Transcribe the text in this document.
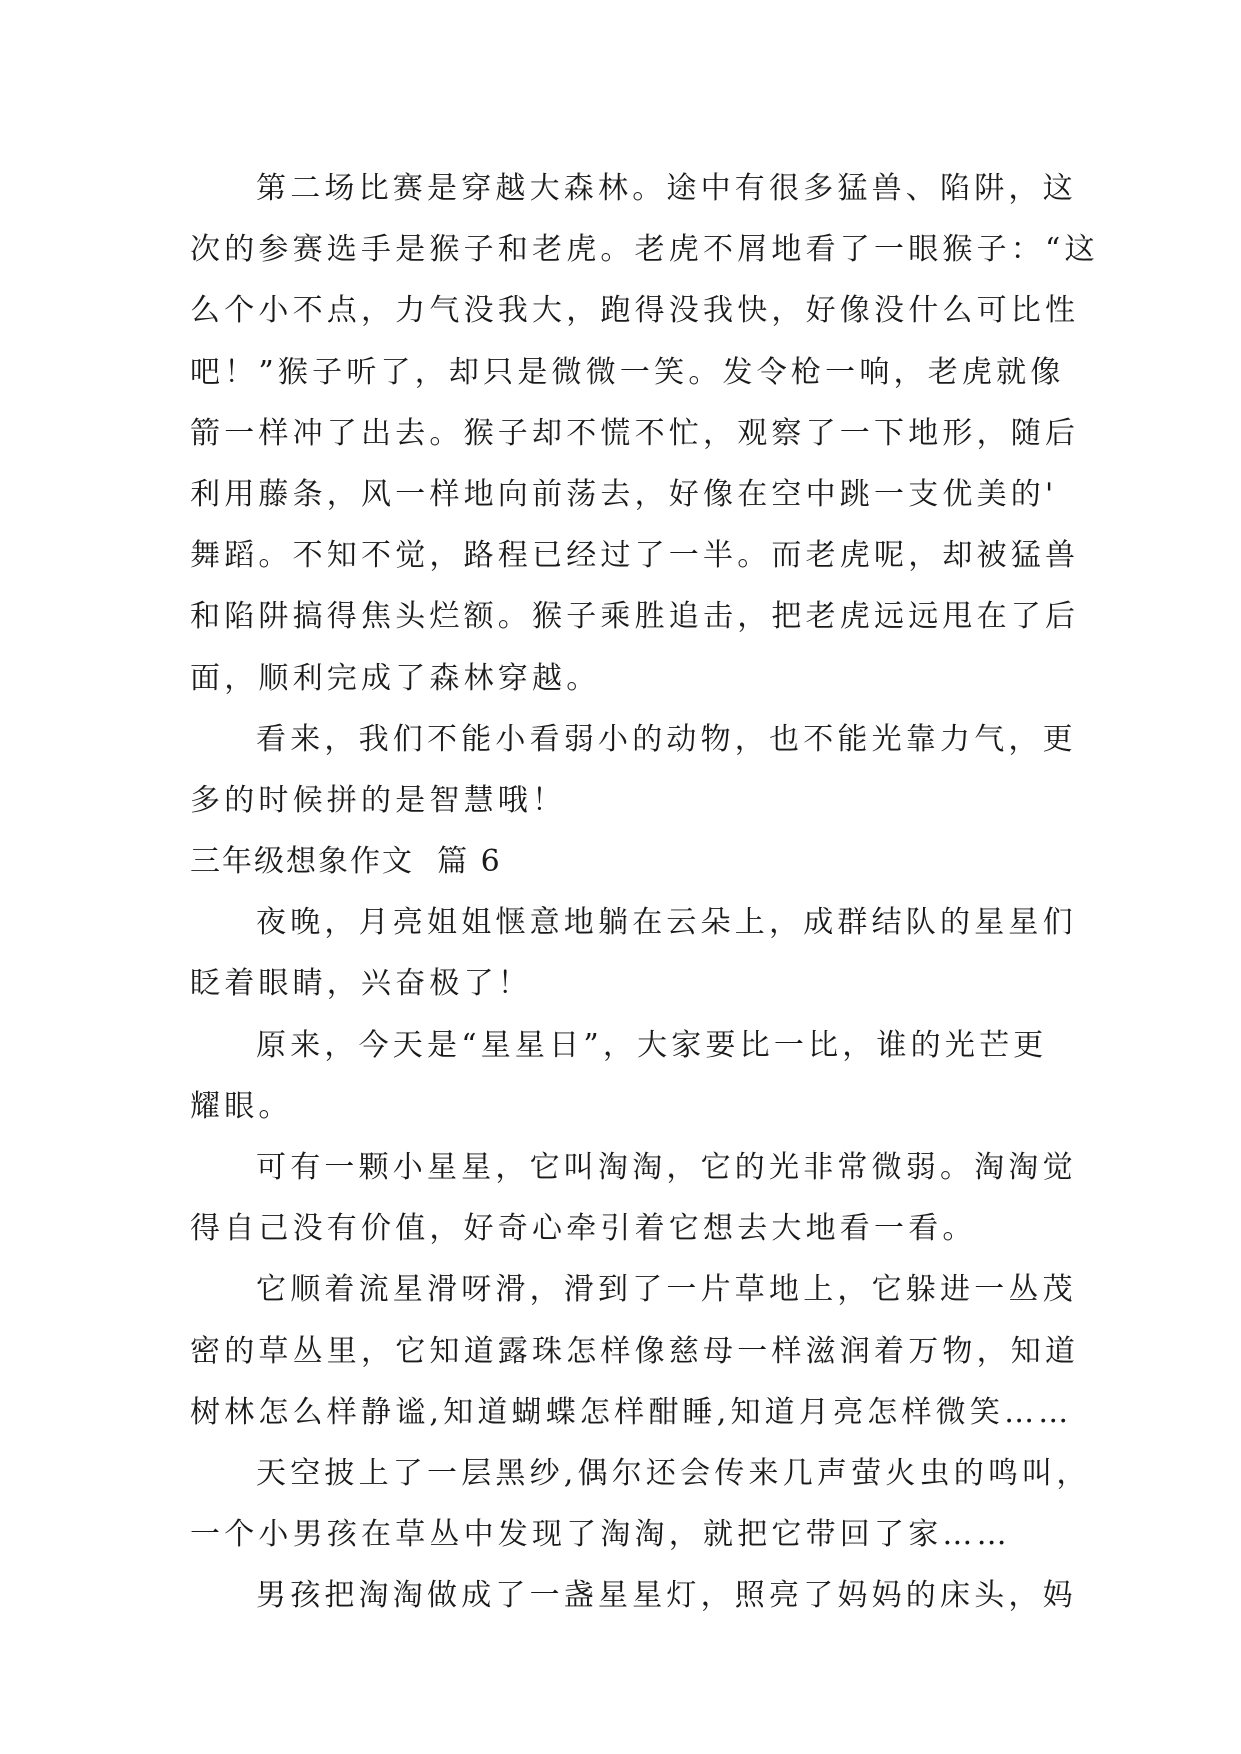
第二场比赛是穿越大森林。途中有很多猛兽、陷阱，这
次的参赛选手是猴子和老虎。老虎不屑地看了一眼猴子：“这
么个小不点，力气没我大，跑得没我快，好像没什么可比性
吧！”猴子听了，却只是微微一笑。发令枪一响，老虎就像
箭一样冲了出去。猴子却不慌不忙，观察了一下地形，随后
利用藤条，风一样地向前荡去，好像在空中跳一支优美的'
舞蹈。不知不觉，路程已经过了一半。而老虎呢，却被猛兽
和陷阱搞得焦头烂额。猴子乘胜追击，把老虎远远甩在了后
面，顺利完成了森林穿越。
看来，我们不能小看弱小的动物，也不能光靠力气，更
多的时候拼的是智慧哦！
三年级想象作文  篇 6
夜晚，月亮姐姐惬意地躺在云朵上，成群结队的星星们
眨着眼睛，兴奋极了！
原来，今天是“星星日”，大家要比一比，谁的光芒更
耀眼。
可有一颗小星星，它叫淘淘，它的光非常微弱。淘淘觉
得自己没有价值，好奇心牵引着它想去大地看一看。
它顺着流星滑呀滑，滑到了一片草地上，它躲进一丛茂
密的草丛里，它知道露珠怎样像慈母一样滋润着万物，知道
树林怎么样静谧,知道蝴蝶怎样酣睡,知道月亮怎样微笑……
天空披上了一层黑纱,偶尔还会传来几声萤火虫的鸣叫，
一个小男孩在草丛中发现了淘淘，就把它带回了家……
男孩把淘淘做成了一盏星星灯，照亮了妈妈的床头，妈
